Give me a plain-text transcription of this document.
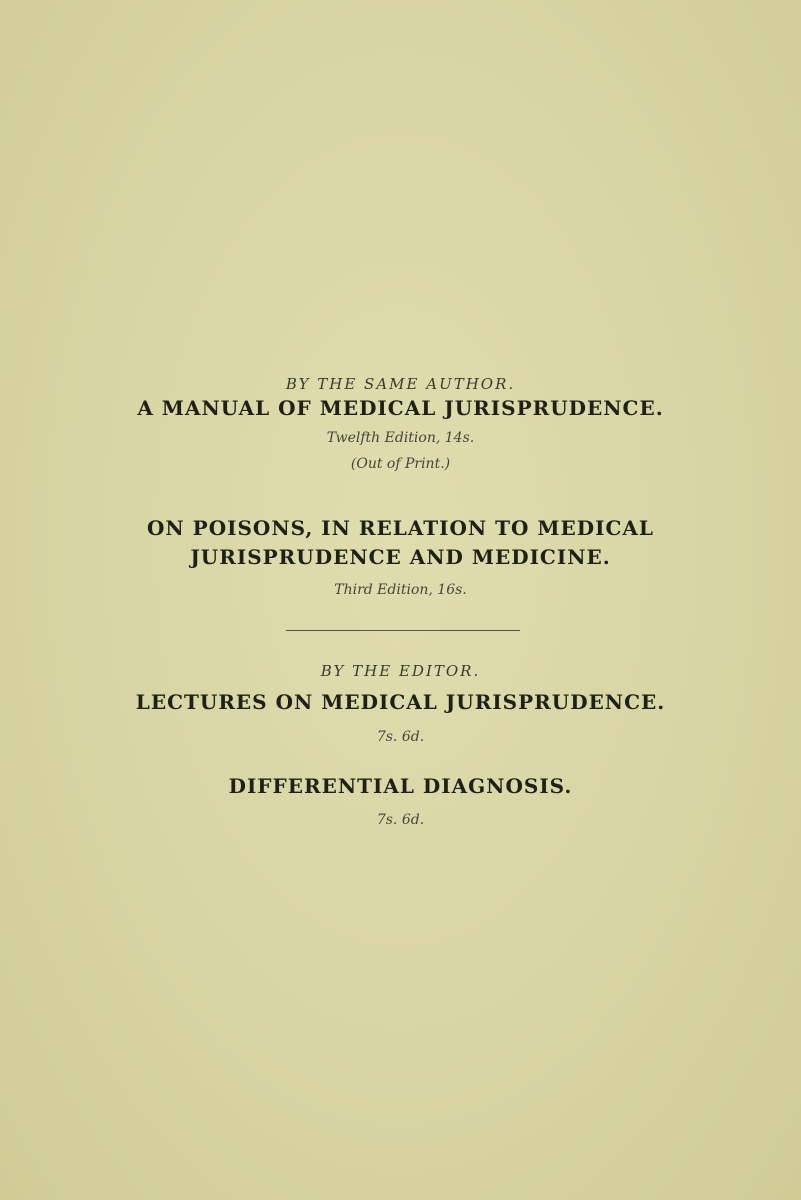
BY THE SAME AUTHOR.
A MANUAL OF MEDICAL JURISPRUDENCE.
Twelfth Edition, 14s.
(Out of Print.)
ON POISONS, IN RELATION TO MEDICAL
JURISPRUDENCE AND MEDICINE.
Third Edition, 16s.
BY THE EDITOR.
LECTURES ON MEDICAL JURISPRUDENCE.
7s. 6d.
DIFFERENTIAL DIAGNOSIS.
7s. 6d.
